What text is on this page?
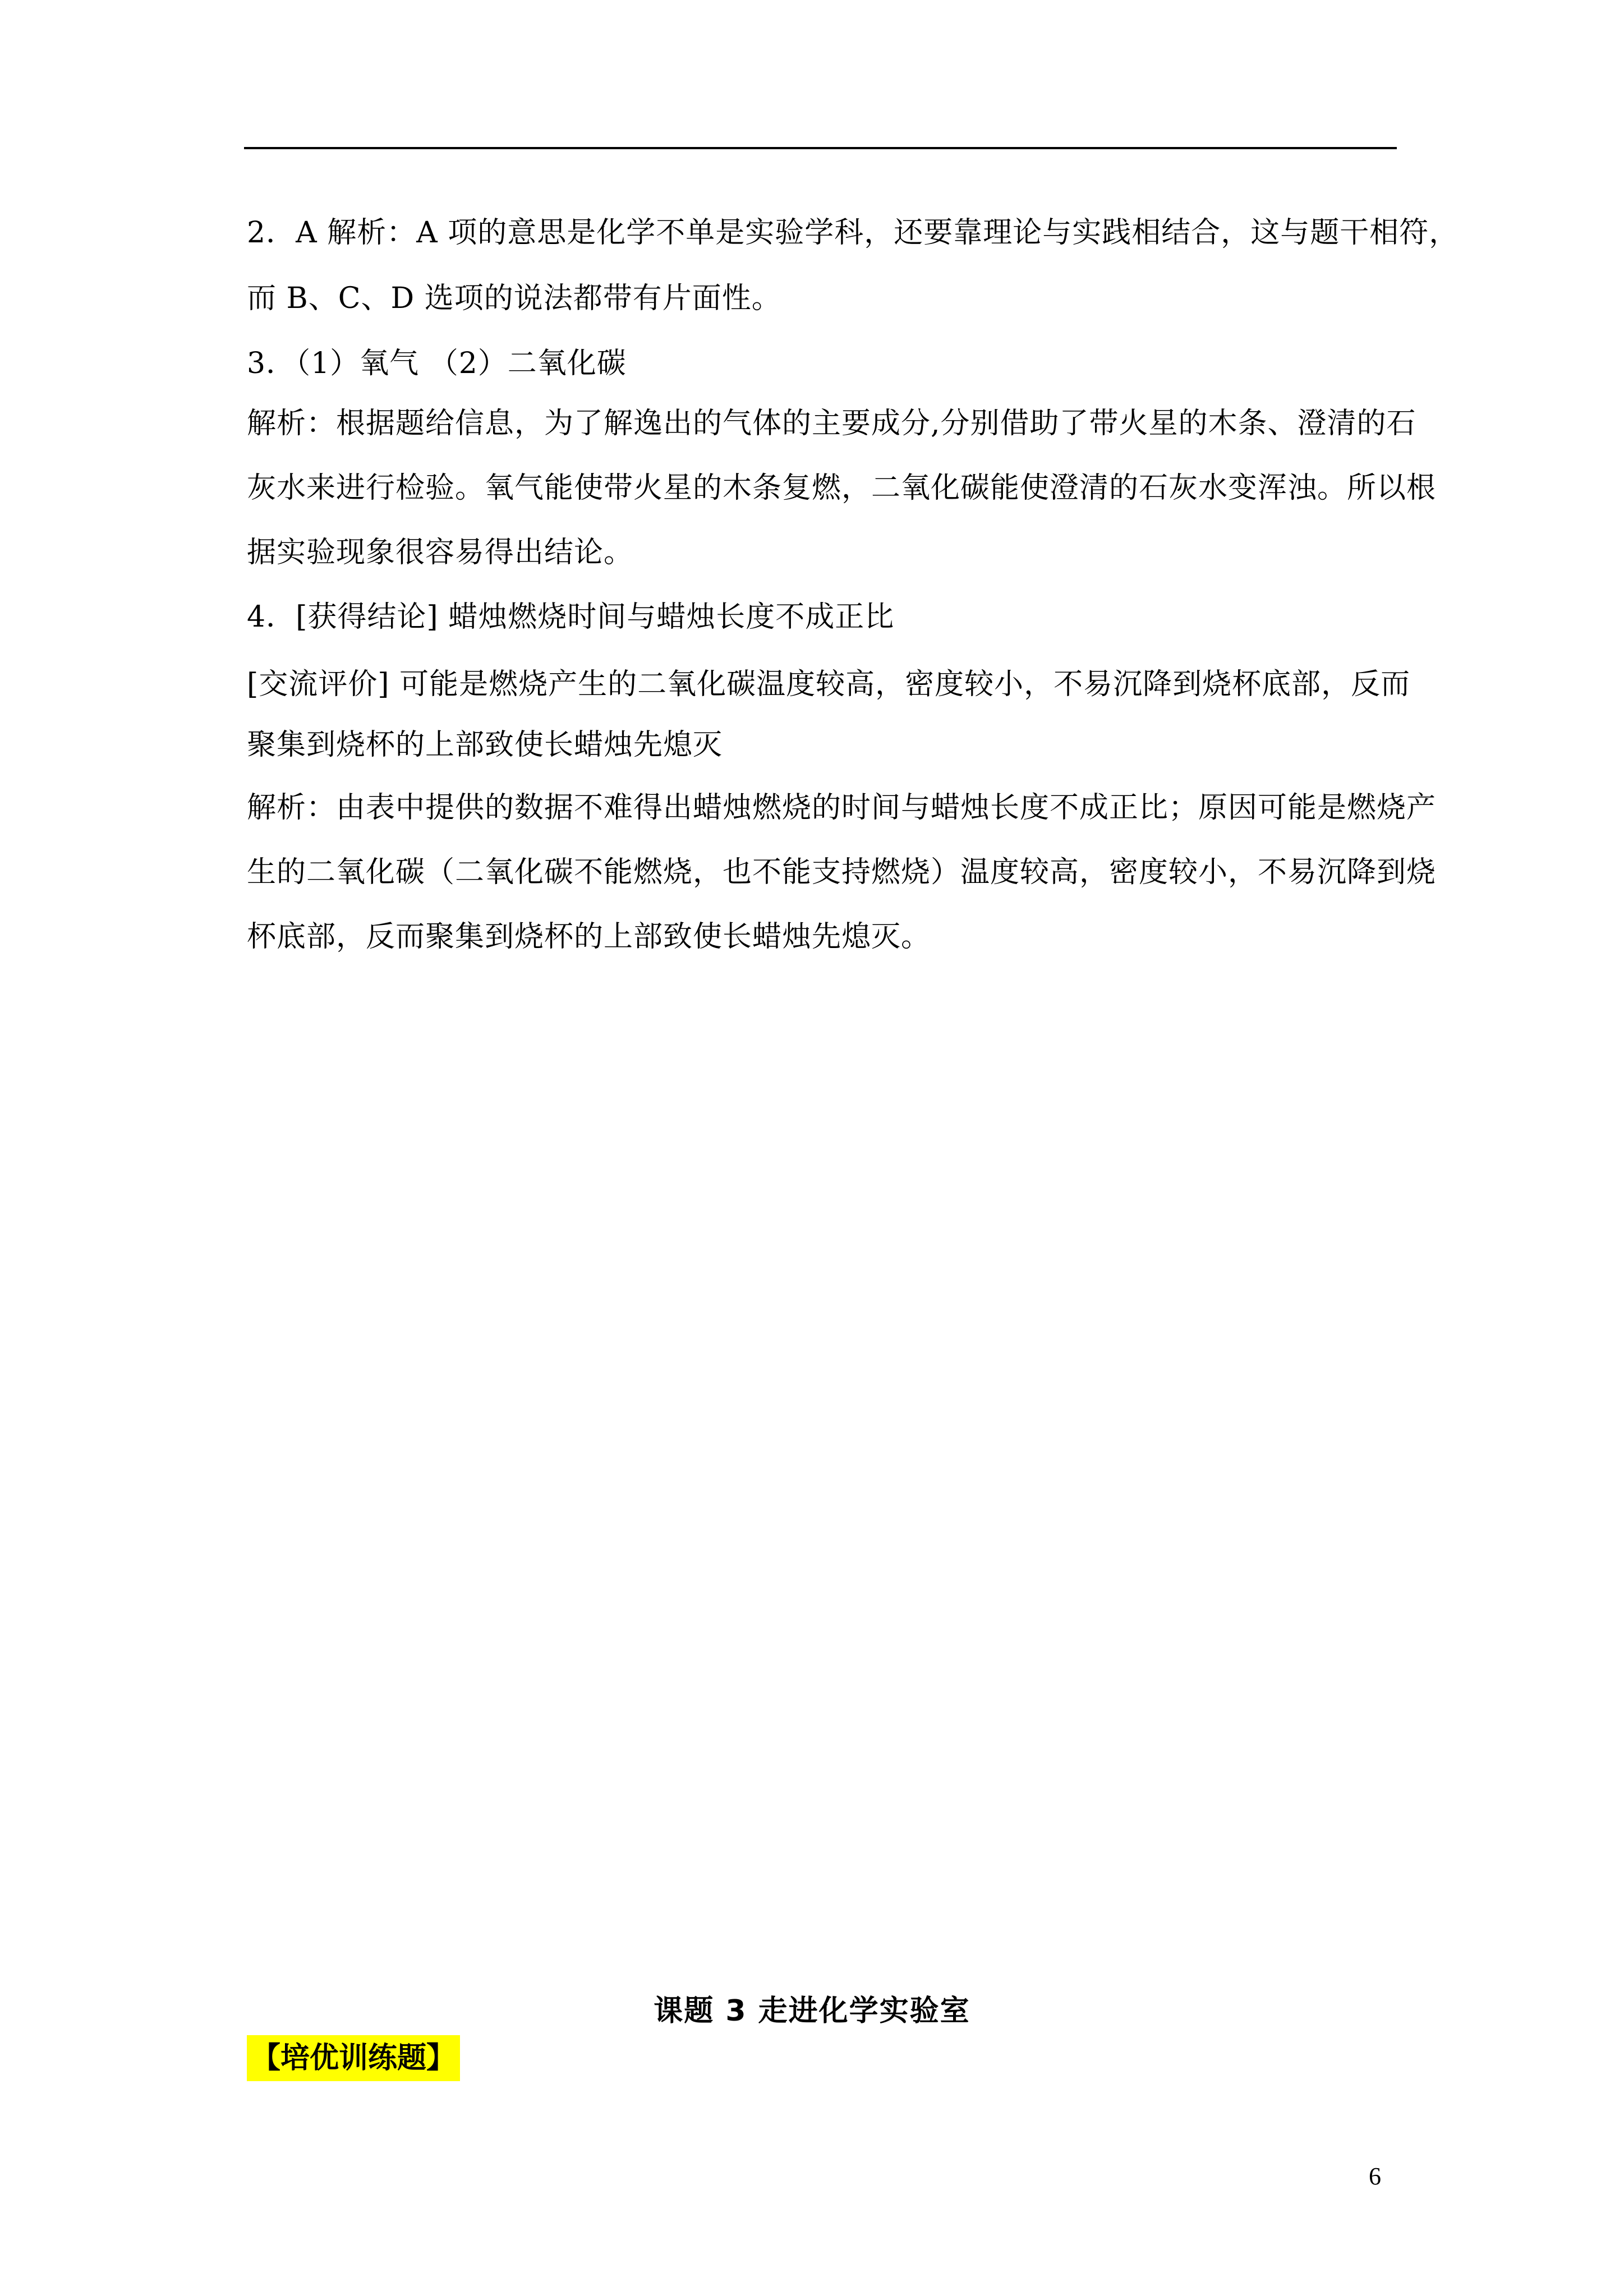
2．A 解析：A 项的意思是化学不单是实验学科，还要靠理论与实践相结合，这与题干相符，
而 B、C、D 选项的说法都带有片面性。
3．（1）氧气 （2）二氧化碳
解析：根据题给信息，为了解逸出的气体的主要成分,分别借助了带火星的木条、澄清的石
灰水来进行检验。氧气能使带火星的木条复燃，二氧化碳能使澄清的石灰水变浑浊。所以根
据实验现象很容易得出结论。
4．[获得结论] 蜡烛燃烧时间与蜡烛长度不成正比
[交流评价] 可能是燃烧产生的二氧化碳温度较高，密度较小，不易沉降到烧杯底部，反而
聚集到烧杯的上部致使长蜡烛先熄灭
解析：由表中提供的数据不难得出蜡烛燃烧的时间与蜡烛长度不成正比；原因可能是燃烧产
生的二氧化碳（二氧化碳不能燃烧，也不能支持燃烧）温度较高，密度较小，不易沉降到烧
杯底部，反而聚集到烧杯的上部致使长蜡烛先熄灭。
课题 3 走进化学实验室
【培优训练题】
6
